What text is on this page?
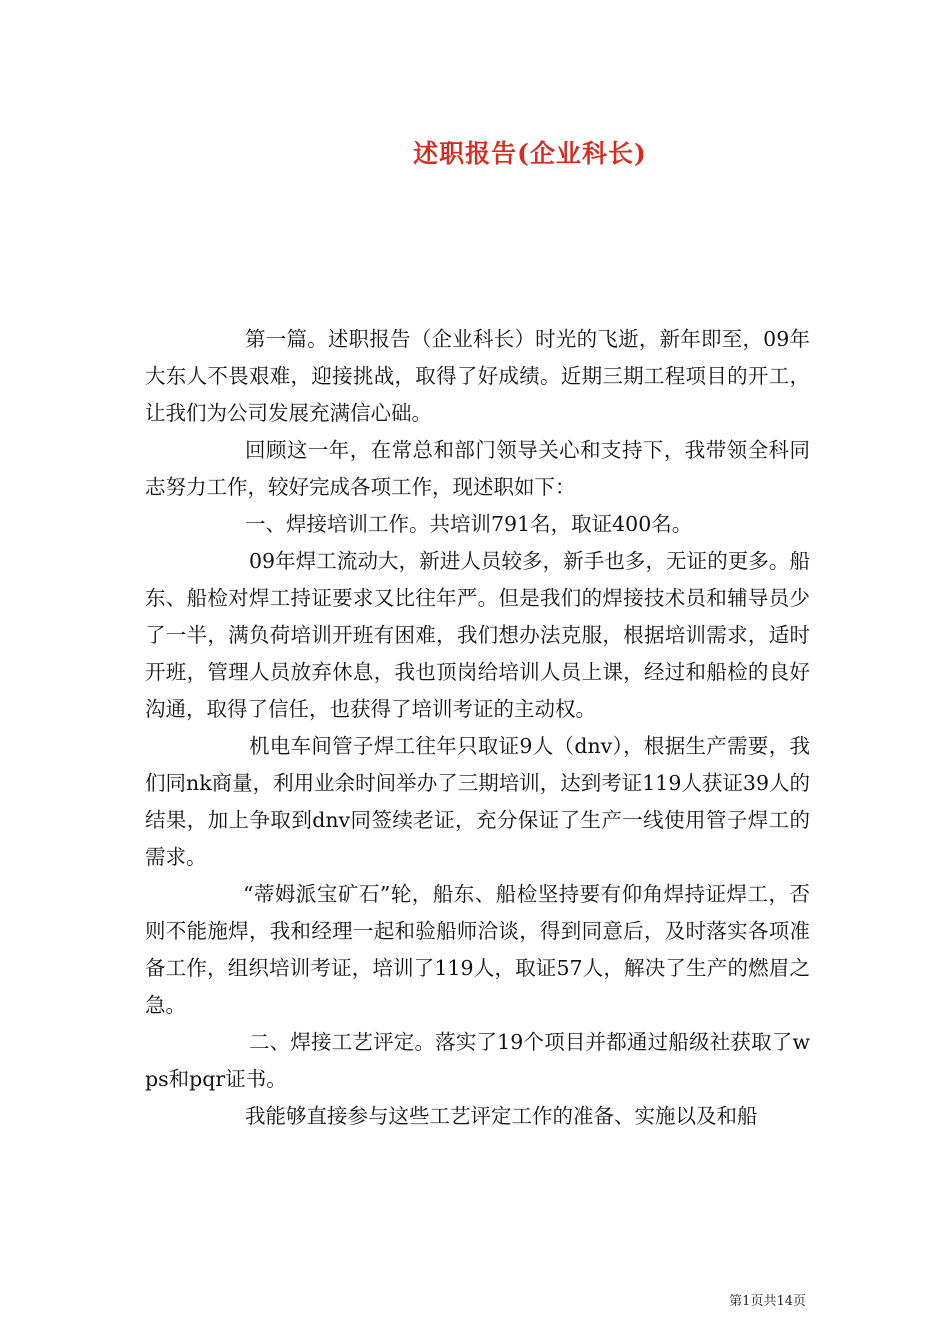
述职报告(企业科长)

第一篇。述职报告（企业科长）时光的飞逝，新年即至，09年大东人不畏艰难，迎接挑战，取得了好成绩。近期三期工程项目的开工，让我们为公司发展充满信心础。

回顾这一年，在常总和部门领导关心和支持下，我带领全科同志努力工作，较好完成各项工作，现述职如下：

一、焊接培训工作。共培训791名，取证400名。

09年焊工流动大，新进人员较多，新手也多，无证的更多。船东、船检对焊工持证要求又比往年严。但是我们的焊接技术员和辅导员少了一半，满负荷培训开班有困难，我们想办法克服，根据培训需求，适时开班，管理人员放弃休息，我也顶岗给培训人员上课，经过和船检的良好沟通，取得了信任，也获得了培训考证的主动权。

机电车间管子焊工往年只取证9人（dnv），根据生产需要，我们同nk商量，利用业余时间举办了三期培训，达到考证119人获证39人的结果，加上争取到dnv同签续老证，充分保证了生产一线使用管子焊工的需求。

“蒂姆派宝矿石”轮，船东、船检坚持要有仰角焊持证焊工，否则不能施焊，我和经理一起和验船师洽谈，得到同意后，及时落实各项准备工作，组织培训考证，培训了119人，取证57人，解决了生产的燃眉之急。

二、焊接工艺评定。落实了19个项目并都通过船级社获取了wps和pqr证书。

我能够直接参与这些工艺评定工作的准备、实施以及和船

第1页共14页
